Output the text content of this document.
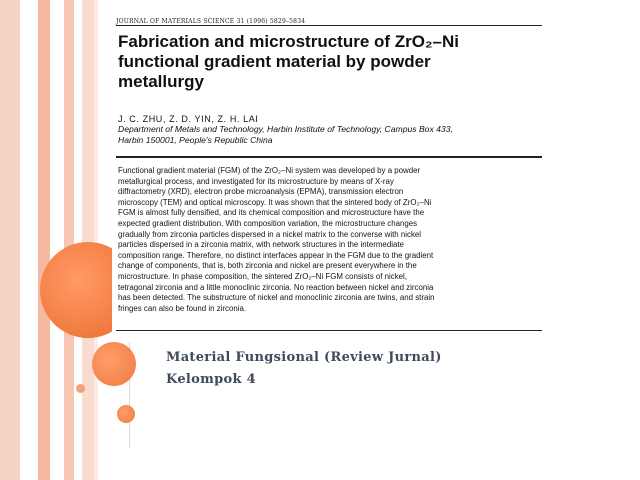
JOURNAL OF MATERIALS SCIENCE 31 (1996) 5829–5834
Fabrication and microstructure of ZrO₂–Ni
functional gradient material by powder
metallurgy
J. C. ZHU, Z. D. YIN, Z. H. LAI
Department of Metals and Technology, Harbin Institute of Technology, Campus Box 433,
Harbin 150001, People's Republic China
Functional gradient material (FGM) of the ZrO₂–Ni system was developed by a powder
metallurgical process, and investigated for its microstructure by means of X-ray
diffractometry (XRD), electron probe microanalysis (EPMA), transmission electron
microscopy (TEM) and optical microscopy. It was shown that the sintered body of ZrO₂–Ni
FGM is almost fully densified, and its chemical composition and microstructure have the
expected gradient distribution. With composition variation, the microstructure changes
gradually from zirconia particles dispersed in a nickel matrix to the converse with nickel
particles dispersed in a zirconia matrix, with network structures in the intermediate
composition range. Therefore, no distinct interfaces appear in the FGM due to the gradient
change of components, that is, both zirconia and nickel are present everywhere in the
microstructure. In phase composition, the sintered ZrO₂–Ni FGM consists of nickel,
tetragonal zirconia and a little monoclinic zirconia. No reaction between nickel and zirconia
has been detected. The substructure of nickel and monoclinic zirconia are twins, and strain
fringes can also be found in zirconia.
Material Fungsional (Review Jurnal)
Kelompok 4
